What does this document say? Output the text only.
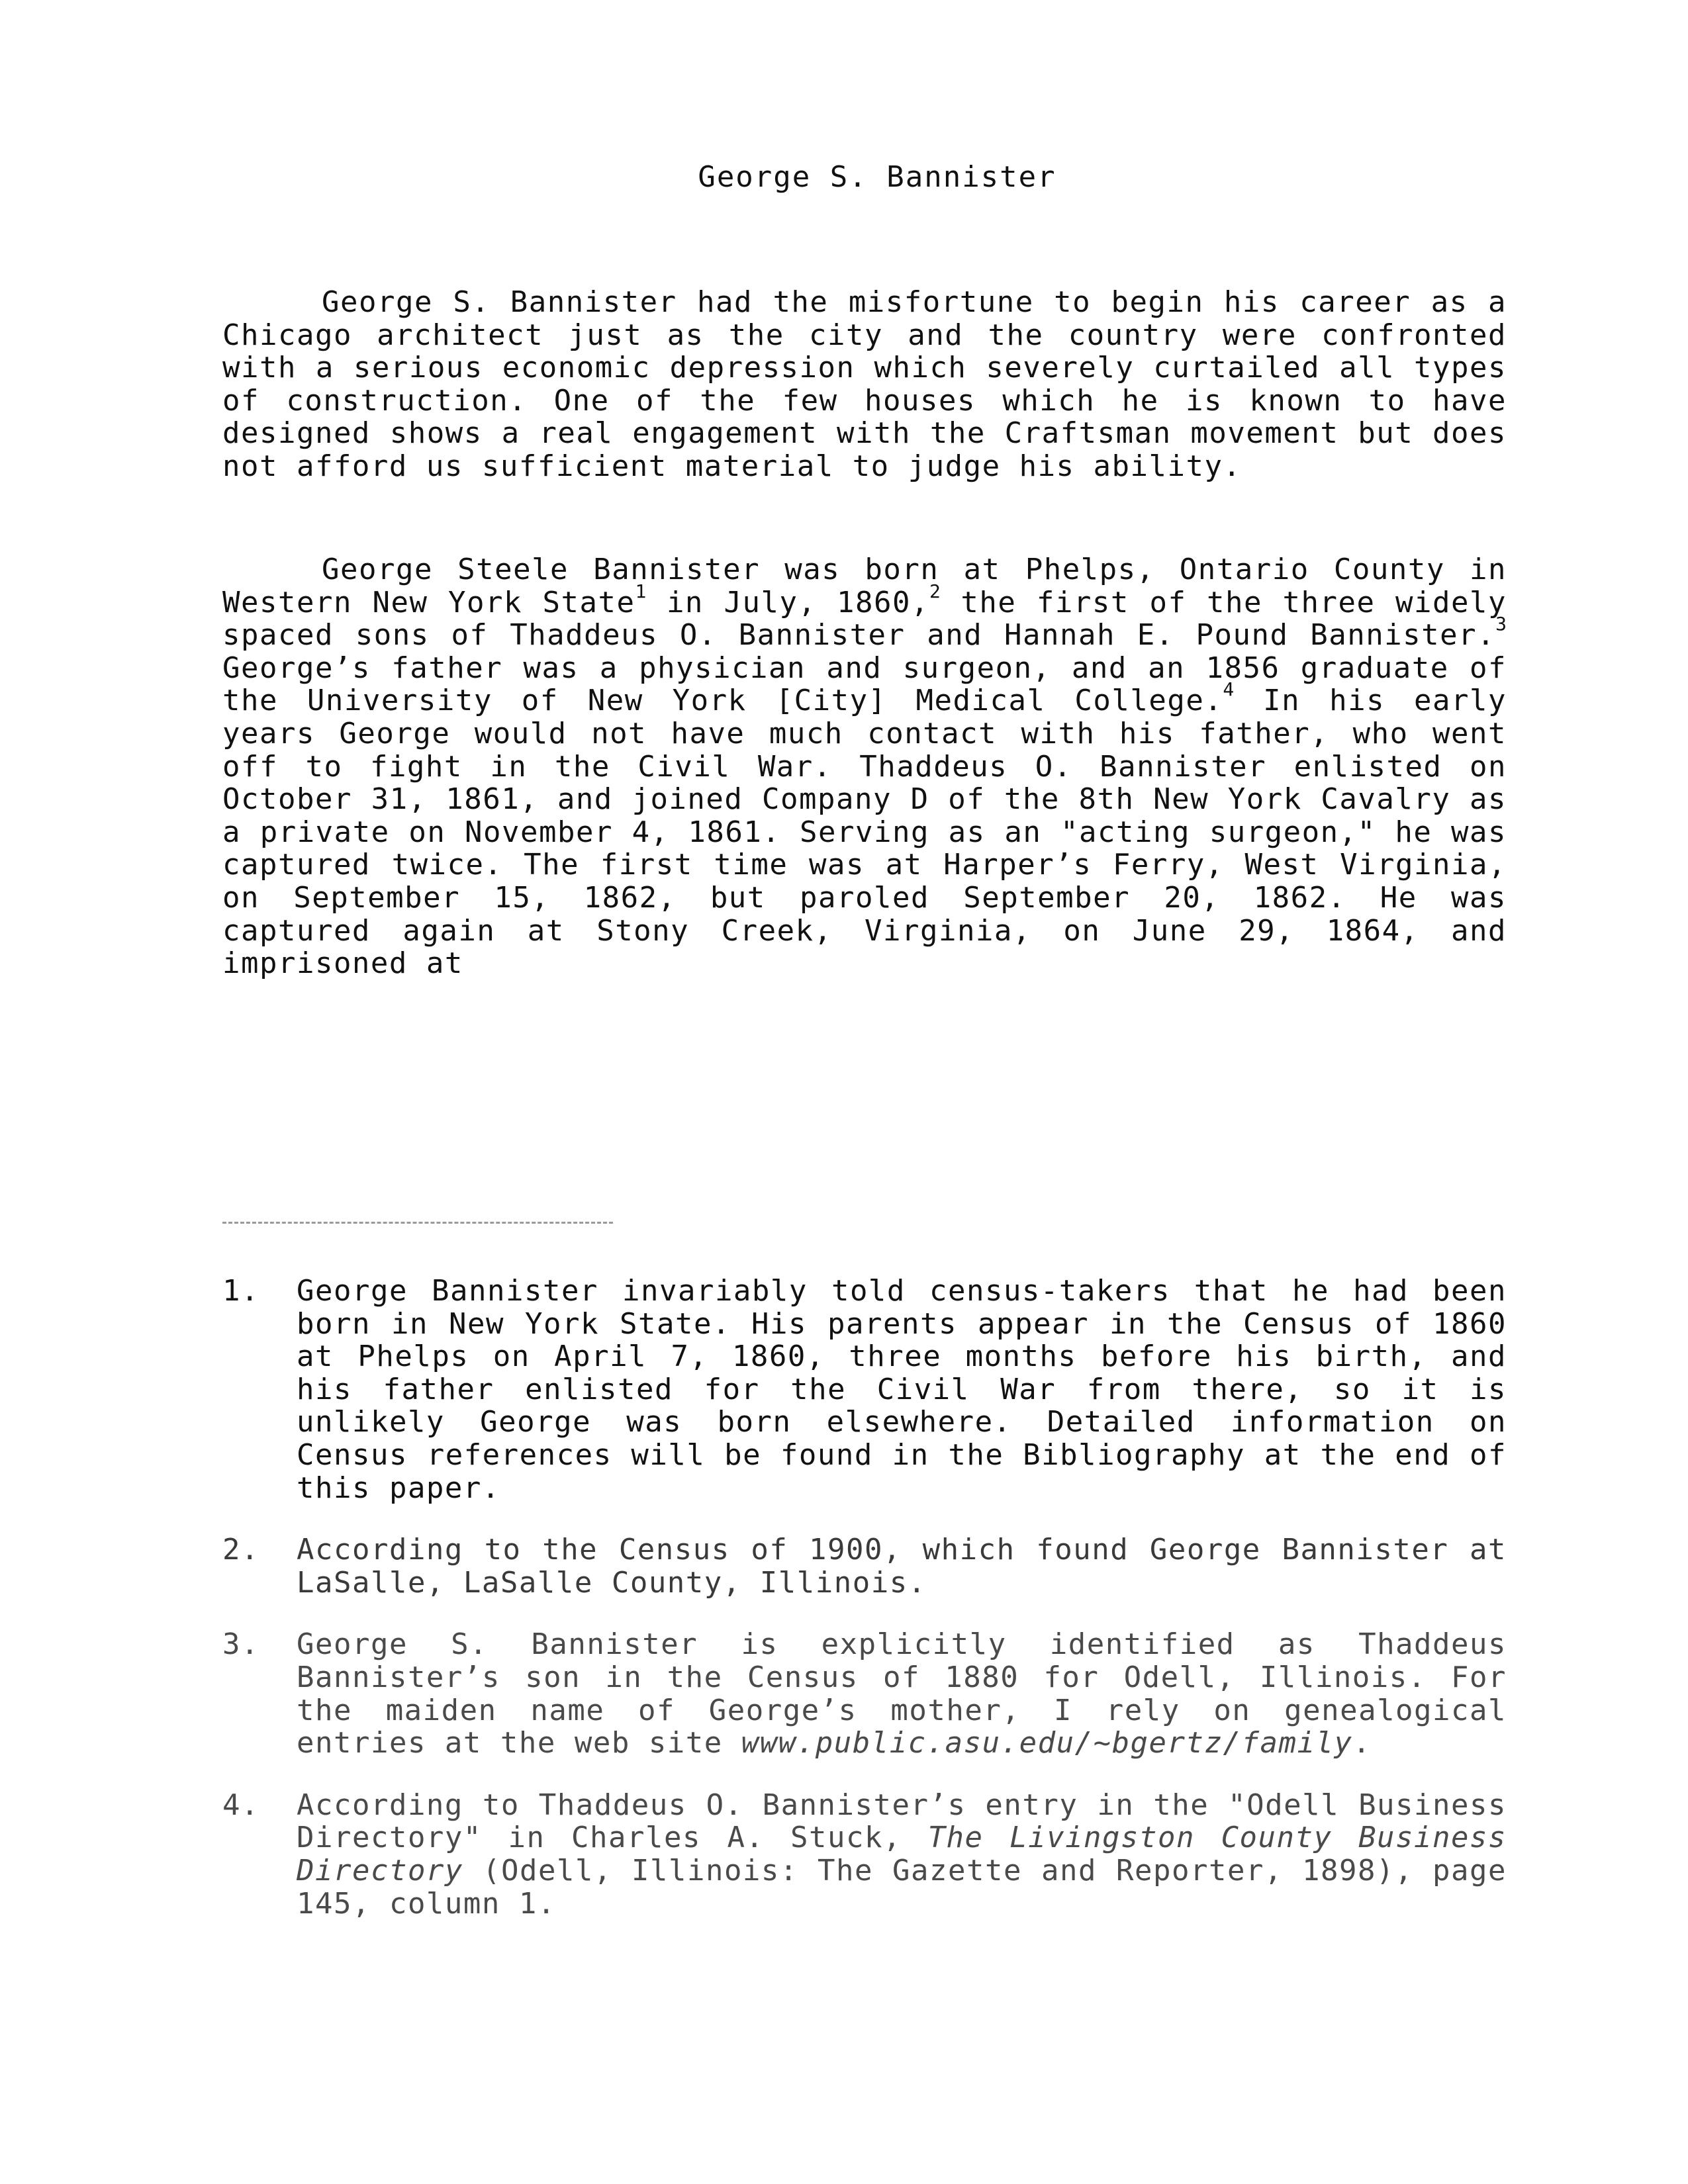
George S. Bannister

George S. Bannister had the misfortune to begin his career as a Chicago architect just as the city and the country were confronted with a serious economic depression which severely curtailed all types of construction. One of the few houses which he is known to have designed shows a real engagement with the Craftsman movement but does not afford us sufficient material to judge his ability.

George Steele Bannister was born at Phelps, Ontario County in Western New York State$^1$ in July, 1860,$^2$ the first of the three widely spaced sons of Thaddeus O. Bannister and Hannah E. Pound Bannister.$^3$ George’s father was a physician and surgeon, and an 1856 graduate of the University of New York [City] Medical College.$^4$ In his early years George would not have much contact with his father, who went off to fight in the Civil War. Thaddeus O. Bannister enlisted on October 31, 1861, and joined Company D of the 8th New York Cavalry as a private on November 4, 1861. Serving as an "acting surgeon," he was captured twice. The first time was at Harper’s Ferry, West Virginia, on September 15, 1862, but paroled September 20, 1862. He was captured again at Stony Creek, Virginia, on June 29, 1864, and imprisoned at

1. George Bannister invariably told census-takers that he had been born in New York State. His parents appear in the Census of 1860 at Phelps on April 7, 1860, three months before his birth, and his father enlisted for the Civil War from there, so it is unlikely George was born elsewhere. Detailed information on Census references will be found in the Bibliography at the end of this paper.
2. According to the Census of 1900, which found George Bannister at LaSalle, LaSalle County, Illinois.
3. George S. Bannister is explicitly identified as Thaddeus Bannister’s son in the Census of 1880 for Odell, Illinois. For the maiden name of George’s mother, I rely on genealogical entries at the web site www.public.asu.edu/~bgertz/family.
4. According to Thaddeus O. Bannister’s entry in the "Odell Business Directory" in Charles A. Stuck, The Livingston County Business Directory (Odell, Illinois: The Gazette and Reporter, 1898), page 145, column 1.
